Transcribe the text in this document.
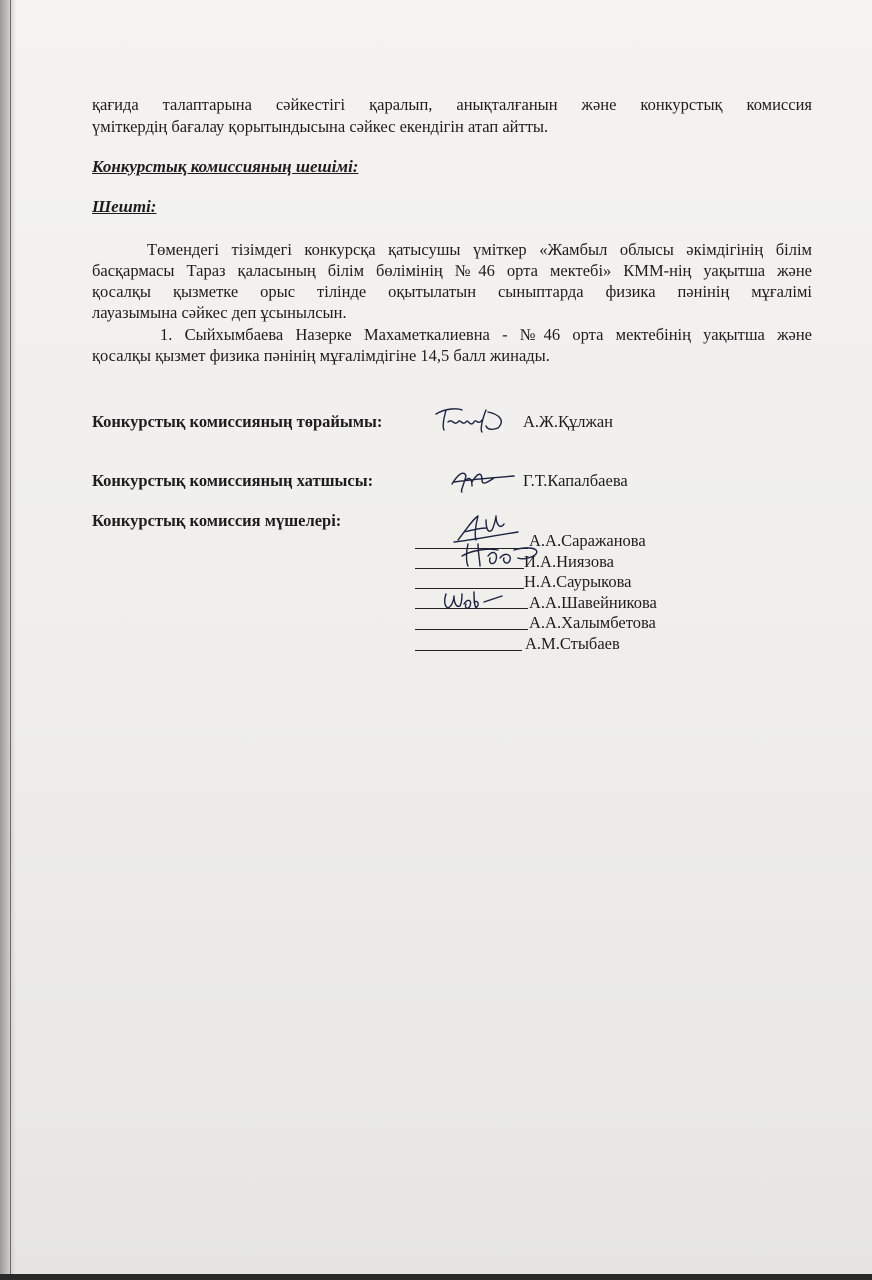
қағида талаптарына сәйкестігі қаралып, анықталғанын және конкурстық комиссия
үміткердің бағалау қорытындысына сәйкес екендігін атап айтты.
Конкурстық комиссияның шешімі:
Шешті:
Төмендегі тізімдегі конкурсқа қатысушы үміткер «Жамбыл облысы әкімдігінің білім
басқармасы Тараз қаласының білім бөлімінің №46 орта мектебі» КММ-нің уақытша және
қосалқы қызметке орыс тілінде оқытылатын сыныптарда физика пәнінің мұғалімі
лауазымына сәйкес деп ұсынылсын.
1. Сыйхымбаева Назерке Махаметкалиевна - №46 орта мектебінің уақытша және
қосалқы қызмет физика пәнінің мұғалімдігіне 14,5 балл жинады.
Конкурстық комиссияның төрайымы:	А.Ж.Құлжан
Конкурстық комиссияның хатшысы:	Г.Т.Капалбаева
Конкурстық комиссия мүшелері:
А.А.Саражанова
И.А.Ниязова
Н.А.Саурыкова
А.А.Шавейникова
А.А.Халымбетова
А.М.Стыбаев
